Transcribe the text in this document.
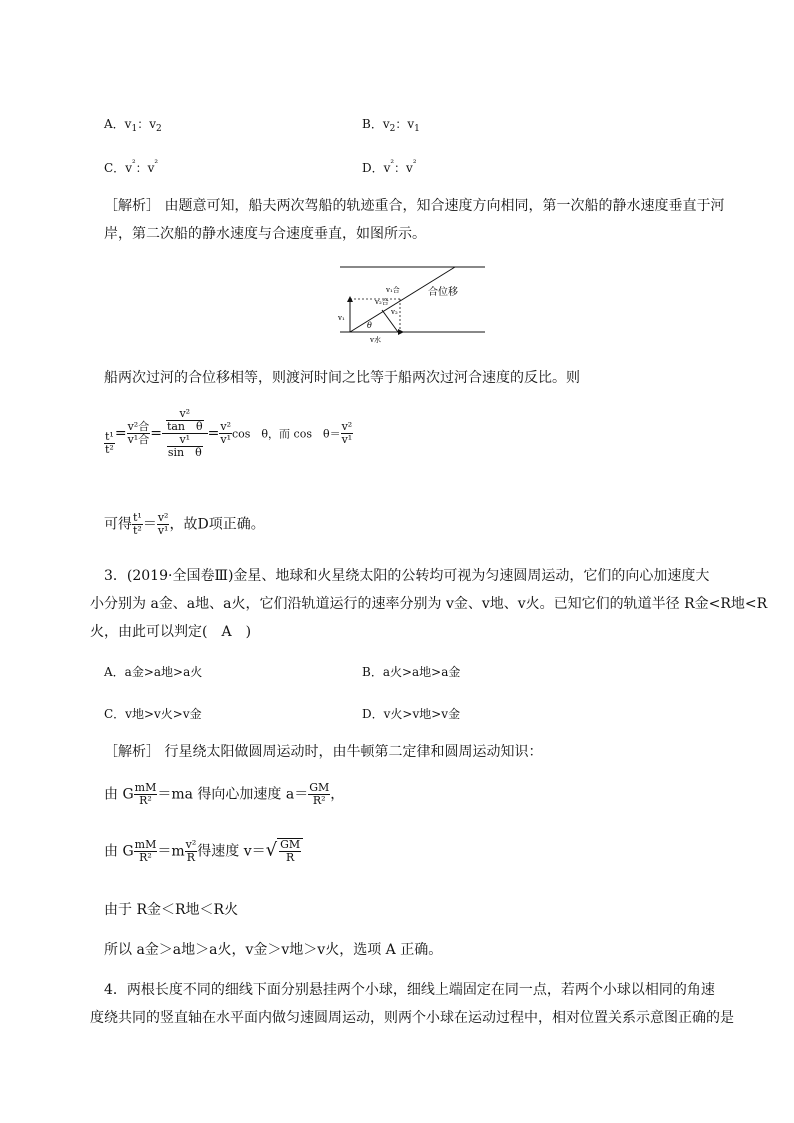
A．$v_1$：$v_2$	B．$v_2$：$v_1$
C．$v^{^2}$：$v^{^2}$	D．$v^{^2}$：$v^{^2}$
［解析］ 由题意可知，船夫两次驾船的轨迹重合，知合速度方向相同，第一次船的静水速度垂直于河
岸，第二次船的静水速度与合速度垂直，如图所示。
合位移
v₁合
v₂合
v₁
v₂
θ
v水
船两次过河的合位移相等，则渡河时间之比等于船两次过河合速度的反比。则
$\frac{\text{t¹}}{\text{t²}} = \frac{\text{v²合}}{\text{v¹合}} = \frac{\frac{\text{v²}}{\text{tan　θ}}}{\frac{\text{v¹}}{\text{sin　θ}}} = \frac{\text{v²}}{\text{v¹}}$ cos　θ，而 cos　$\theta= \frac{\text{v²}}{\text{v¹}}$
可得 $\frac{\text{t¹}}{\text{t²}} = \frac{\text{v²}}{\text{v¹}}$ ，故D项正确。
3．(2019·全国卷Ⅲ)金星、地球和火星绕太阳的公转均可视为匀速圆周运动，它们的向心加速度大
小分别为 a金、a地、a火，它们沿轨道运行的速率分别为 v金、v地、v火。已知它们的轨道半径 R金<R地<R
火，由此可以判定(　A　)
A．a金>a地>a火	B．a火>a地>a金
C．v地>v火>v金	D．v火>v地>v金
［解析］ 行星绕太阳做圆周运动时，由牛顿第二定律和圆周运动知识：
由 G $\frac{mM}{\text{R²}} =ma$ 得向心加速度 $a= \frac{GM}{\text{R²}}$ ，
由 G $\frac{mM}{\text{R²}} =m \frac{\text{v²}}{R}$ 得速度 $v=√ \frac{GM}{R}$
由于 R金＜R地＜R火
所以 a金＞a地＞a火，v金＞v地＞v火，选项 A 正确。
4．两根长度不同的细线下面分别悬挂两个小球，细线上端固定在同一点，若两个小球以相同的角速
度绕共同的竖直轴在水平面内做匀速圆周运动，则两个小球在运动过程中，相对位置关系示意图正确的是
